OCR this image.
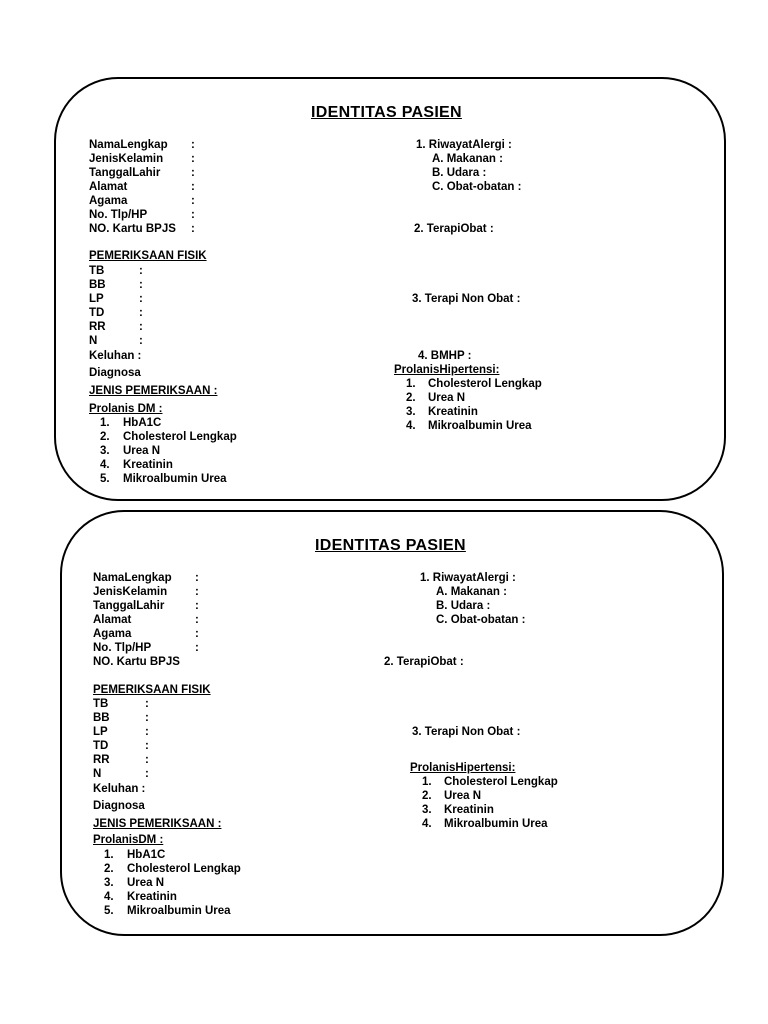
IDENTITAS PASIEN
NamaLengkap :
JenisKelamin :
TanggalLahir	:
Alamat	:
Agama	:
No. Tlp/HP	:
NO. Kartu BPJS :
PEMERIKSAAN FISIK
TB	:
BB	:
LP	:
TD	:
RR	:
N	:
Keluhan :
Diagnosa
JENIS PEMERIKSAAN :
Prolanis DM :
1. HbA1C
2. Cholesterol Lengkap
3. Urea N
4. Kreatinin
5. Mikroalbumin Urea
1. RiwayatAlergi :
A. Makanan :
B. Udara :
C. Obat-obatan :
2. TerapiObat :
3. Terapi Non Obat :
4. BMHP :
ProlanisHipertensi:
1. Cholesterol Lengkap
2. Urea N
3. Kreatinin
4. Mikroalbumin Urea
IDENTITAS PASIEN
NamaLengkap :
JenisKelamin :
TanggalLahir	:
Alamat	:
Agama	:
No. Tlp/HP	:
NO. Kartu BPJS
PEMERIKSAAN FISIK
TB	:
BB	:
LP	:
TD	:
RR	:
N	:
Keluhan :
Diagnosa
JENIS PEMERIKSAAN :
ProlanisDM :
1. HbA1C
2. Cholesterol Lengkap
3. Urea N
4. Kreatinin
5. Mikroalbumin Urea
1. RiwayatAlergi :
A. Makanan :
B. Udara :
C. Obat-obatan :
2. TerapiObat :
3. Terapi Non Obat :
ProlanisHipertensi:
1. Cholesterol Lengkap
2. Urea N
3. Kreatinin
4. Mikroalbumin Urea
